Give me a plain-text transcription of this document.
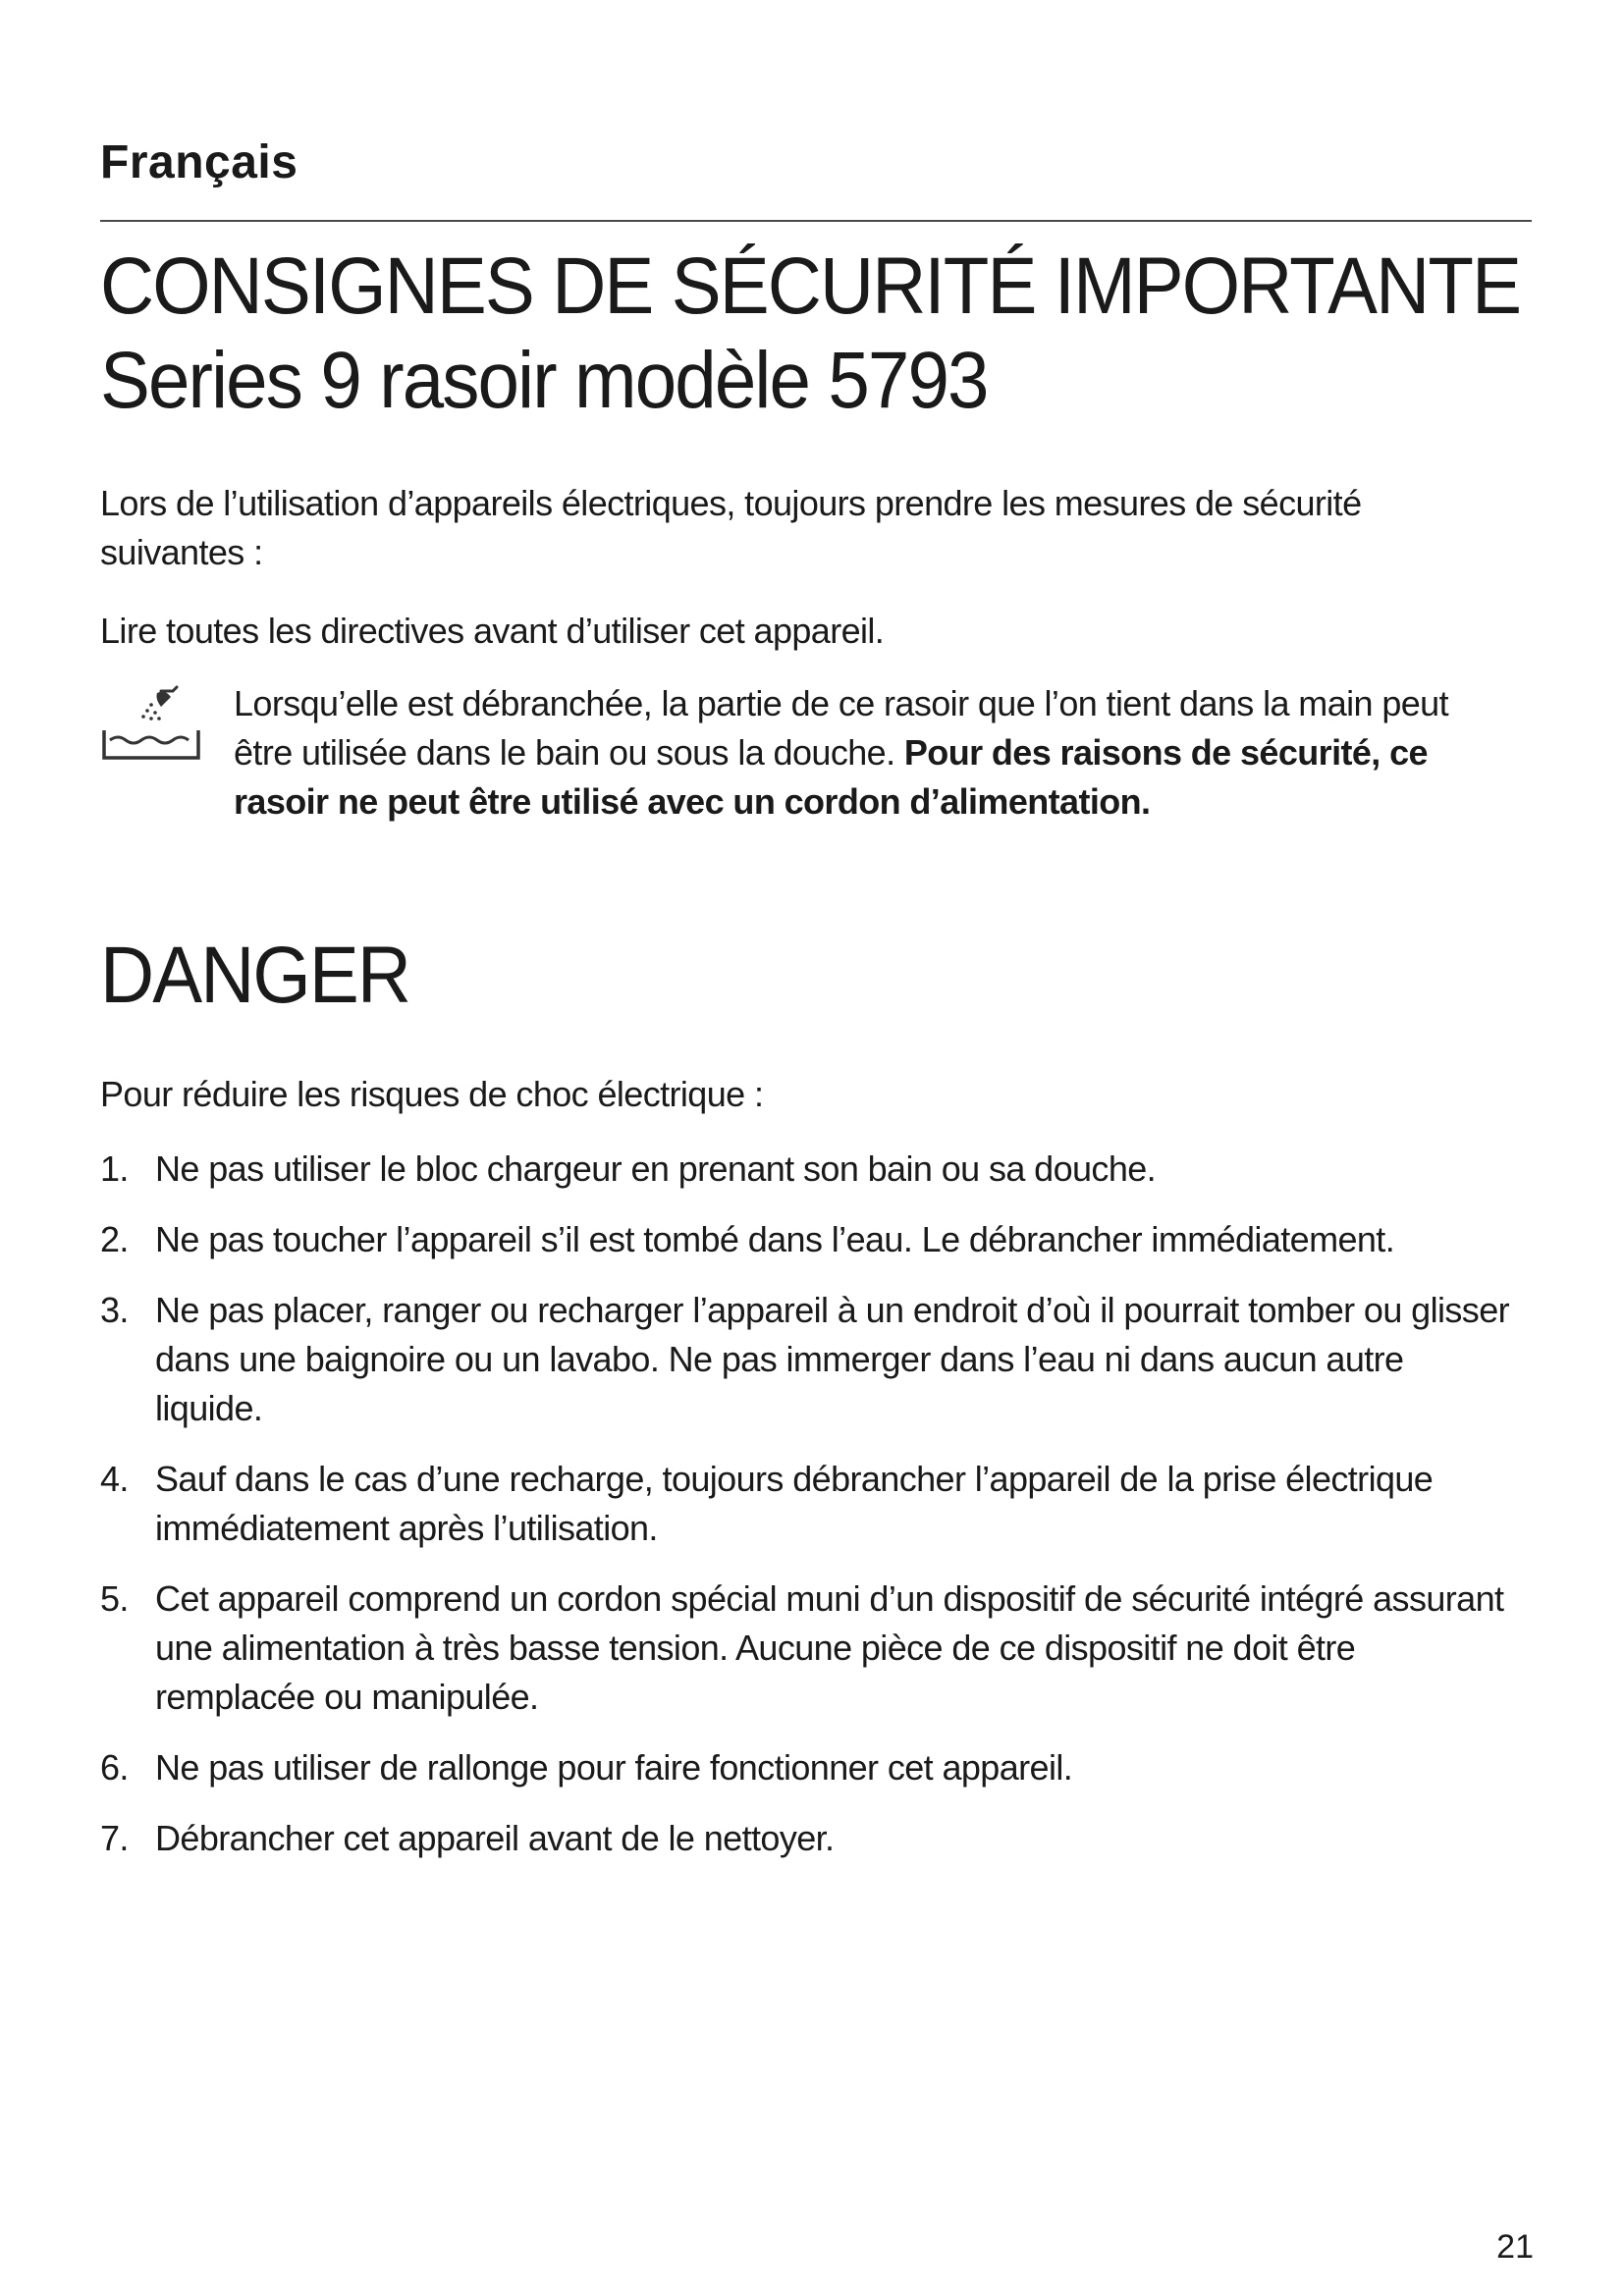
Français
CONSIGNES DE SÉCURITÉ IMPORTANTE
Series 9 rasoir modèle 5793

Lors de l’utilisation d’appareils électriques, toujours prendre les mesures de sécurité suivantes :

Lire toutes les directives avant d’utiliser cet appareil.

Lorsqu’elle est débranchée, la partie de ce rasoir que l’on tient dans la main peut être utilisée dans le bain ou sous la douche. Pour des raisons de sécurité, ce rasoir ne peut être utilisé avec un cordon d’alimentation.

DANGER

Pour réduire les risques de choc électrique :

1. Ne pas utiliser le bloc chargeur en prenant son bain ou sa douche.
2. Ne pas toucher l’appareil s’il est tombé dans l’eau. Le débrancher immédiatement.
3. Ne pas placer, ranger ou recharger l’appareil à un endroit d’où il pourrait tomber ou glisser dans une baignoire ou un lavabo. Ne pas immerger dans l’eau ni dans aucun autre liquide.
4. Sauf dans le cas d’une recharge, toujours débrancher l’appareil de la prise électrique immédiatement après l’utilisation.
5. Cet appareil comprend un cordon spécial muni d’un dispositif de sécurité intégré assurant une alimentation à très basse tension. Aucune pièce de ce dispositif ne doit être remplacée ou manipulée.
6. Ne pas utiliser de rallonge pour faire fonctionner cet appareil.
7. Débrancher cet appareil avant de le nettoyer.

21
